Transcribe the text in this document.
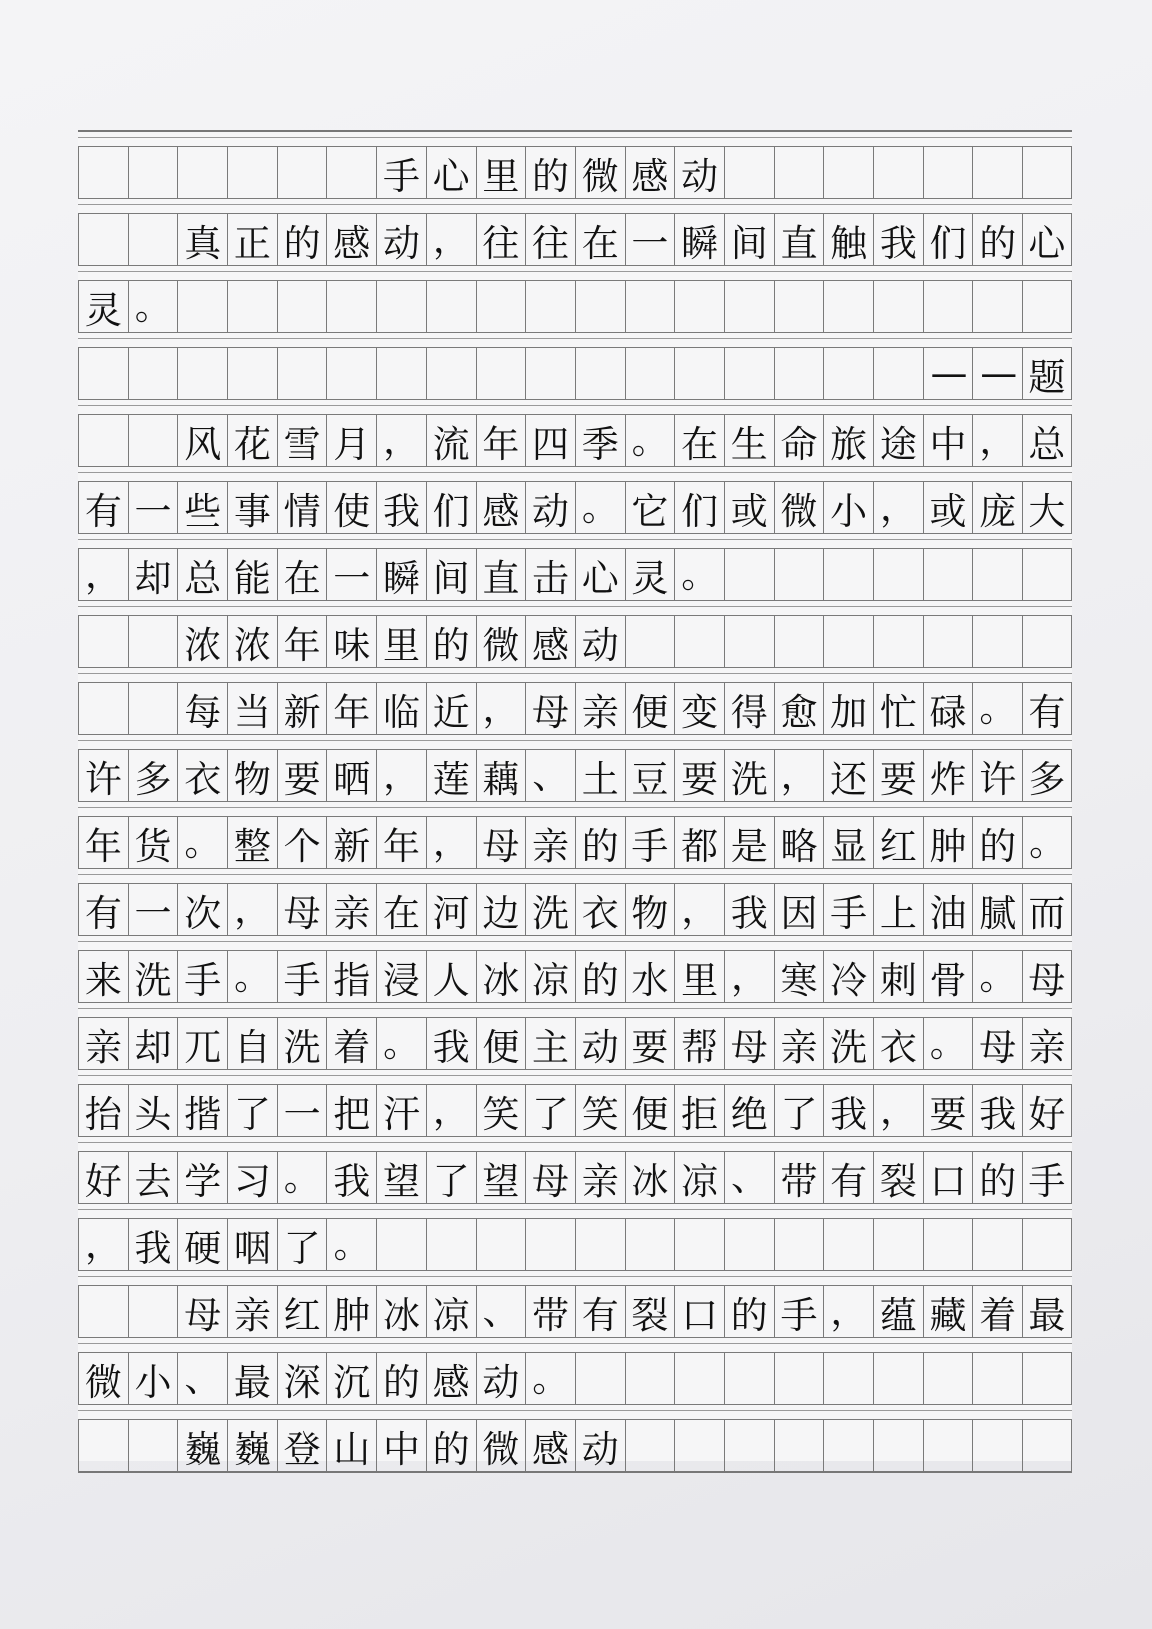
手 心 里 的 微 感 动
真 正 的 感 动 ， 往 往 在 一 瞬 间 直 触 我 们 的 心
灵 。
— — 题
风 花 雪 月 ， 流 年 四 季 。 在 生 命 旅 途 中 ， 总
有 一 些 事 情 使 我 们 感 动 。 它 们 或 微 小 ， 或 庞 大
， 却 总 能 在 一 瞬 间 直 击 心 灵 。
浓 浓 年 味 里 的 微 感 动
每 当 新 年 临 近 ， 母 亲 便 变 得 愈 加 忙 碌 。 有
许 多 衣 物 要 晒 ， 莲 藕 、 土 豆 要 洗 ， 还 要 炸 许 多
年 货 。 整 个 新 年 ， 母 亲 的 手 都 是 略 显 红 肿 的 。
有 一 次 ， 母 亲 在 河 边 洗 衣 物 ， 我 因 手 上 油 腻 而
来 洗 手 。 手 指 浸 人 冰 凉 的 水 里 ， 寒 冷 刺 骨 。 母
亲 却 兀 自 洗 着 。 我 便 主 动 要 帮 母 亲 洗 衣 。 母 亲
抬 头 揩 了 一 把 汗 ， 笑 了 笑 便 拒 绝 了 我 ， 要 我 好
好 去 学 习 。 我 望 了 望 母 亲 冰 凉 、 带 有 裂 口 的 手
， 我 硬 咽 了 。
母 亲 红 肿 冰 凉 、 带 有 裂 口 的 手 ， 蕴 藏 着 最
微 小 、 最 深 沉 的 感 动 。
巍 巍 登 山 中 的 微 感 动
